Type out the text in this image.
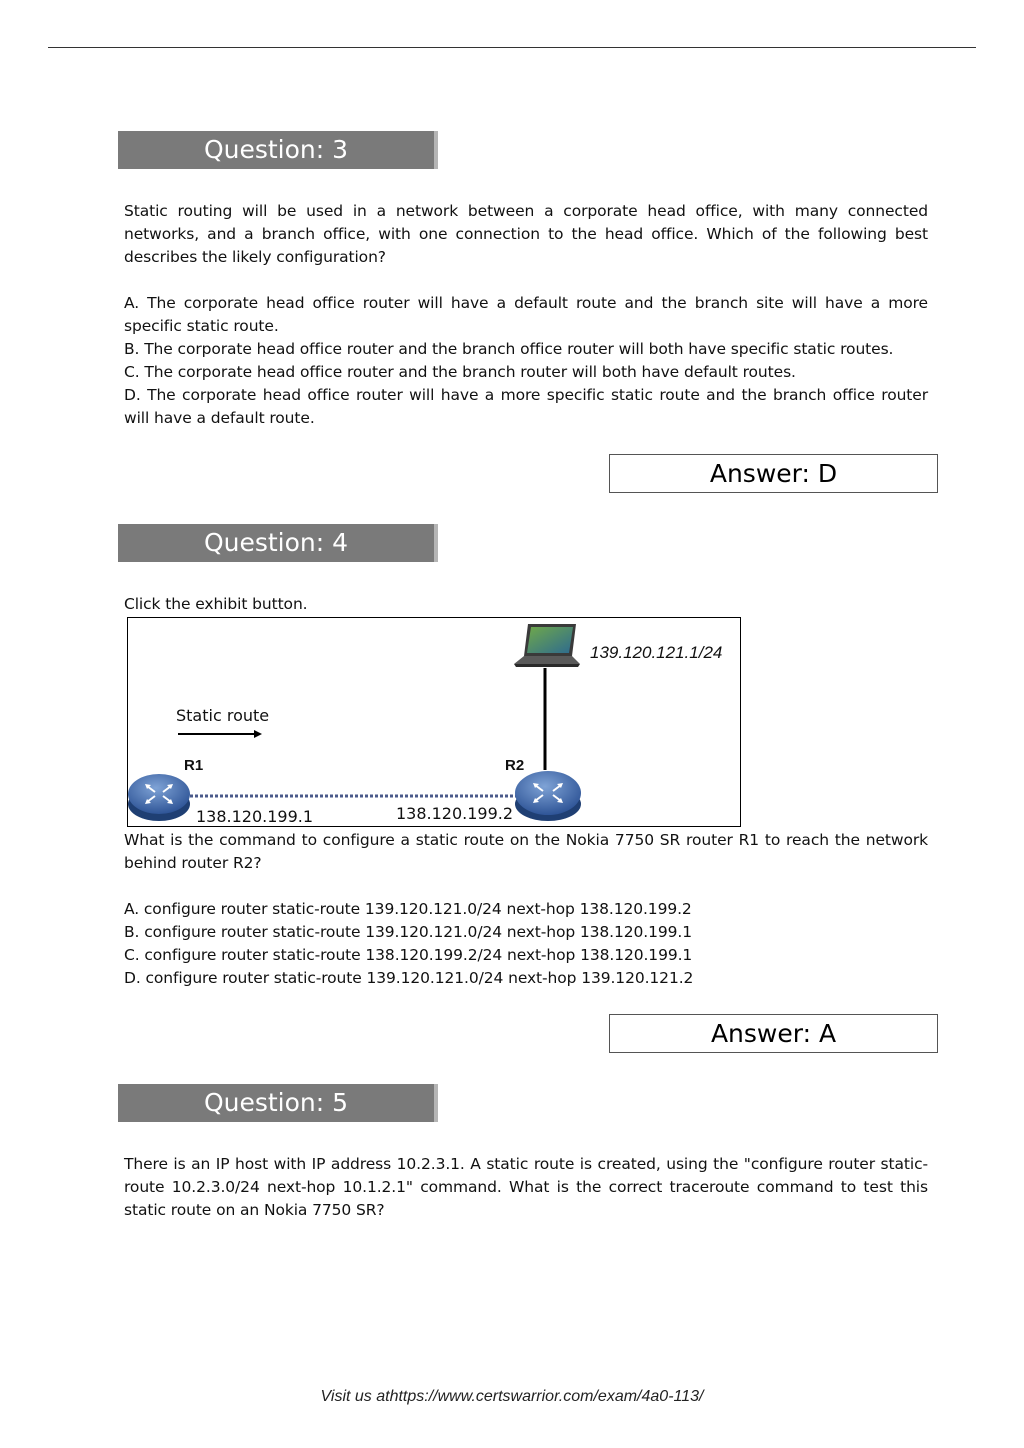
Question: 3

Static routing will be used in a network between a corporate head office, with many connected networks, and a branch office, with one connection to the head office. Which of the following best describes the likely configuration?

A. The corporate head office router will have a default route and the branch site will have a more specific static route.

B. The corporate head office router and the branch office router will both have specific static routes.

C. The corporate head office router and the branch router will both have default routes.

D. The corporate head office router will have a more specific static route and the branch office router will have a default route.

Answer: D
Question: 4
Click the exhibit button.
139.120.121.1/24
Static route
R1	R2
138.120.199.1	138.120.199.2

What is the command to configure a static route on the Nokia 7750 SR router R1 to reach the network behind router R2?

A. configure router static-route 139.120.121.0/24 next-hop 138.120.199.2

B. configure router static-route 139.120.121.0/24 next-hop 138.120.199.1

C. configure router static-route 138.120.199.2/24 next-hop 138.120.199.1

D. configure router static-route 139.120.121.0/24 next-hop 139.120.121.2

Answer: A
Question: 5

There is an IP host with IP address 10.2.3.1. A static route is created, using the "configure router static-route 10.2.3.0/24 next-hop 10.1.2.1" command. What is the correct traceroute command to test this static route on an Nokia 7750 SR?

Visit us athttps://www.certswarrior.com/exam/4a0-113/
